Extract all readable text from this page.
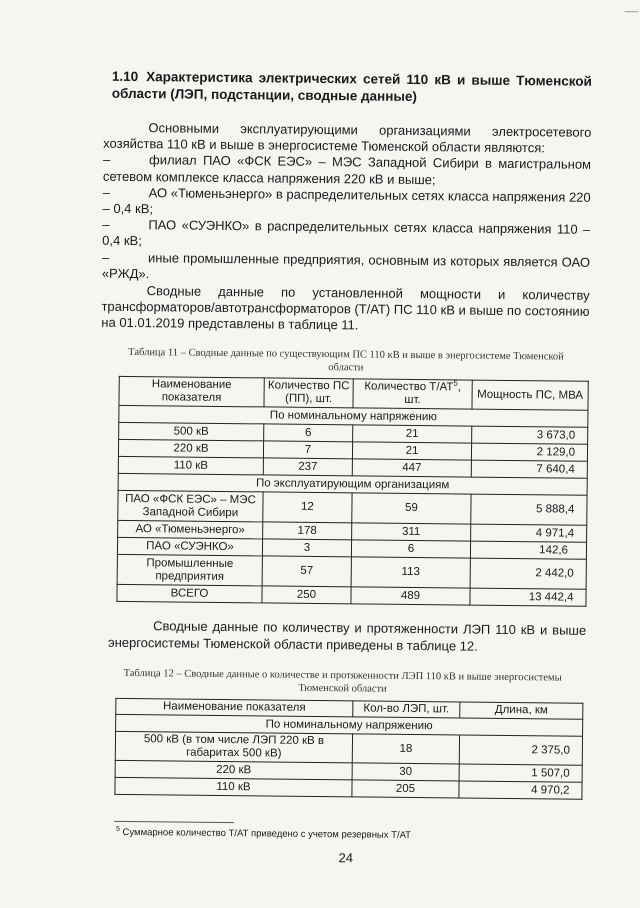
1.10 Характеристика электрических сетей 110 кВ и выше Тюменской области (ЛЭП, подстанции, сводные данные)

Основными эксплуатирующими организациями электросетевого хозяйства 110 кВ и выше в энергосистеме Тюменской области являются:

–	филиал ПАО «ФСК ЕЭС» – МЭС Западной Сибири в магистральном сетевом комплексе класса напряжения 220 кВ и выше;

–	АО «Тюменьэнерго» в распределительных сетях класса напряжения 220 – 0,4 кВ;

–	ПАО «СУЭНКО» в распределительных сетях класса напряжения 110 – 0,4 кВ;

–	иные промышленные предприятия, основным из которых является ОАО «РЖД».

Сводные данные по установленной мощности и количеству трансформаторов/автотрансформаторов (Т/АТ) ПС 110 кВ и выше по состоянию на 01.01.2019 представлены в таблице 11.

Таблица 11 – Сводные данные по существующим ПС 110 кВ и выше в энергосистеме Тюменской области
Наименование показателя	Количество ПС (ПП), шт.	Количество $Т/АТ^5$, шт.	Мощность ПС, МВА
По номинальному напряжению			
500 кВ	6	21	3 673,0
220 кВ	7	21	2 129,0
110 кВ	237	447	7 640,4
По эксплуатирующим организациям			
ПАО «ФСК ЕЭС» – МЭС Западной Сибири	12	59	5 888,4
АО «Тюменьэнерго»	178	311	4 971,4
ПАО «СУЭНКО»	3	6	142,6
Промышленные предприятия	57	113	2 442,0
ВСЕГО	250	489	13 442,4

Сводные данные по количеству и протяженности ЛЭП 110 кВ и выше энергосистемы Тюменской области приведены в таблице 12.

Таблица 12 – Сводные данные о количестве и протяженности ЛЭП 110 кВ и выше энергосистемы Тюменской области
Наименование показателя	Кол-во ЛЭП, шт.	Длина, км
По номинальному напряжению		
500 кВ (в том числе ЛЭП 220 кВ в габаритах 500 кВ)	18	2 375,0
220 кВ	30	1 507,0
110 кВ	205	4 970,2
$^5$ Суммарное количество Т/АТ приведено с учетом резервных Т/АТ
24
